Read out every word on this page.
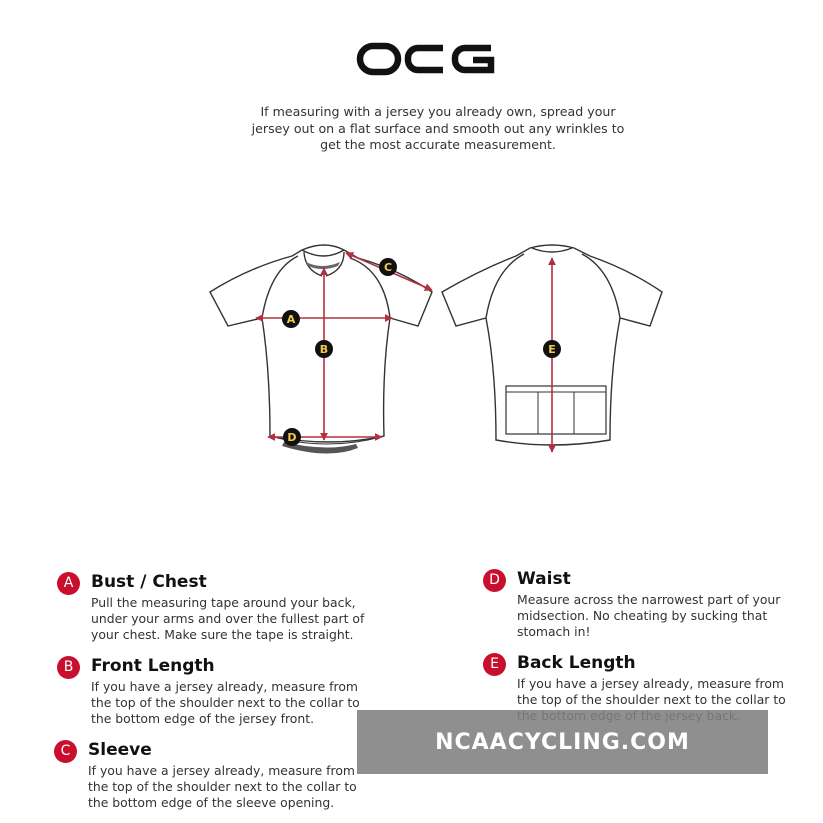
If measuring with a jersey you already own, spread your
jersey out on a flat surface and smooth out any wrinkles to
get the most accurate measurement.
A
B
C
D
E
A	Bust / Chest
Pull the measuring tape around your back,
under your arms and over the fullest part of
your chest. Make sure the tape is straight.
B	Front Length
If you have a jersey already, measure from
the top of the shoulder next to the collar to
the bottom edge of the jersey front.
C	Sleeve
If you have a jersey already, measure from
the top of the shoulder next to the collar to
the bottom edge of the sleeve opening.
D	Waist
Measure across the narrowest part of your
midsection. No cheating by sucking that
stomach in!
E	Back Length
If you have a jersey already, measure from
the top of the shoulder next to the collar to
NCAACYCLING.COM
